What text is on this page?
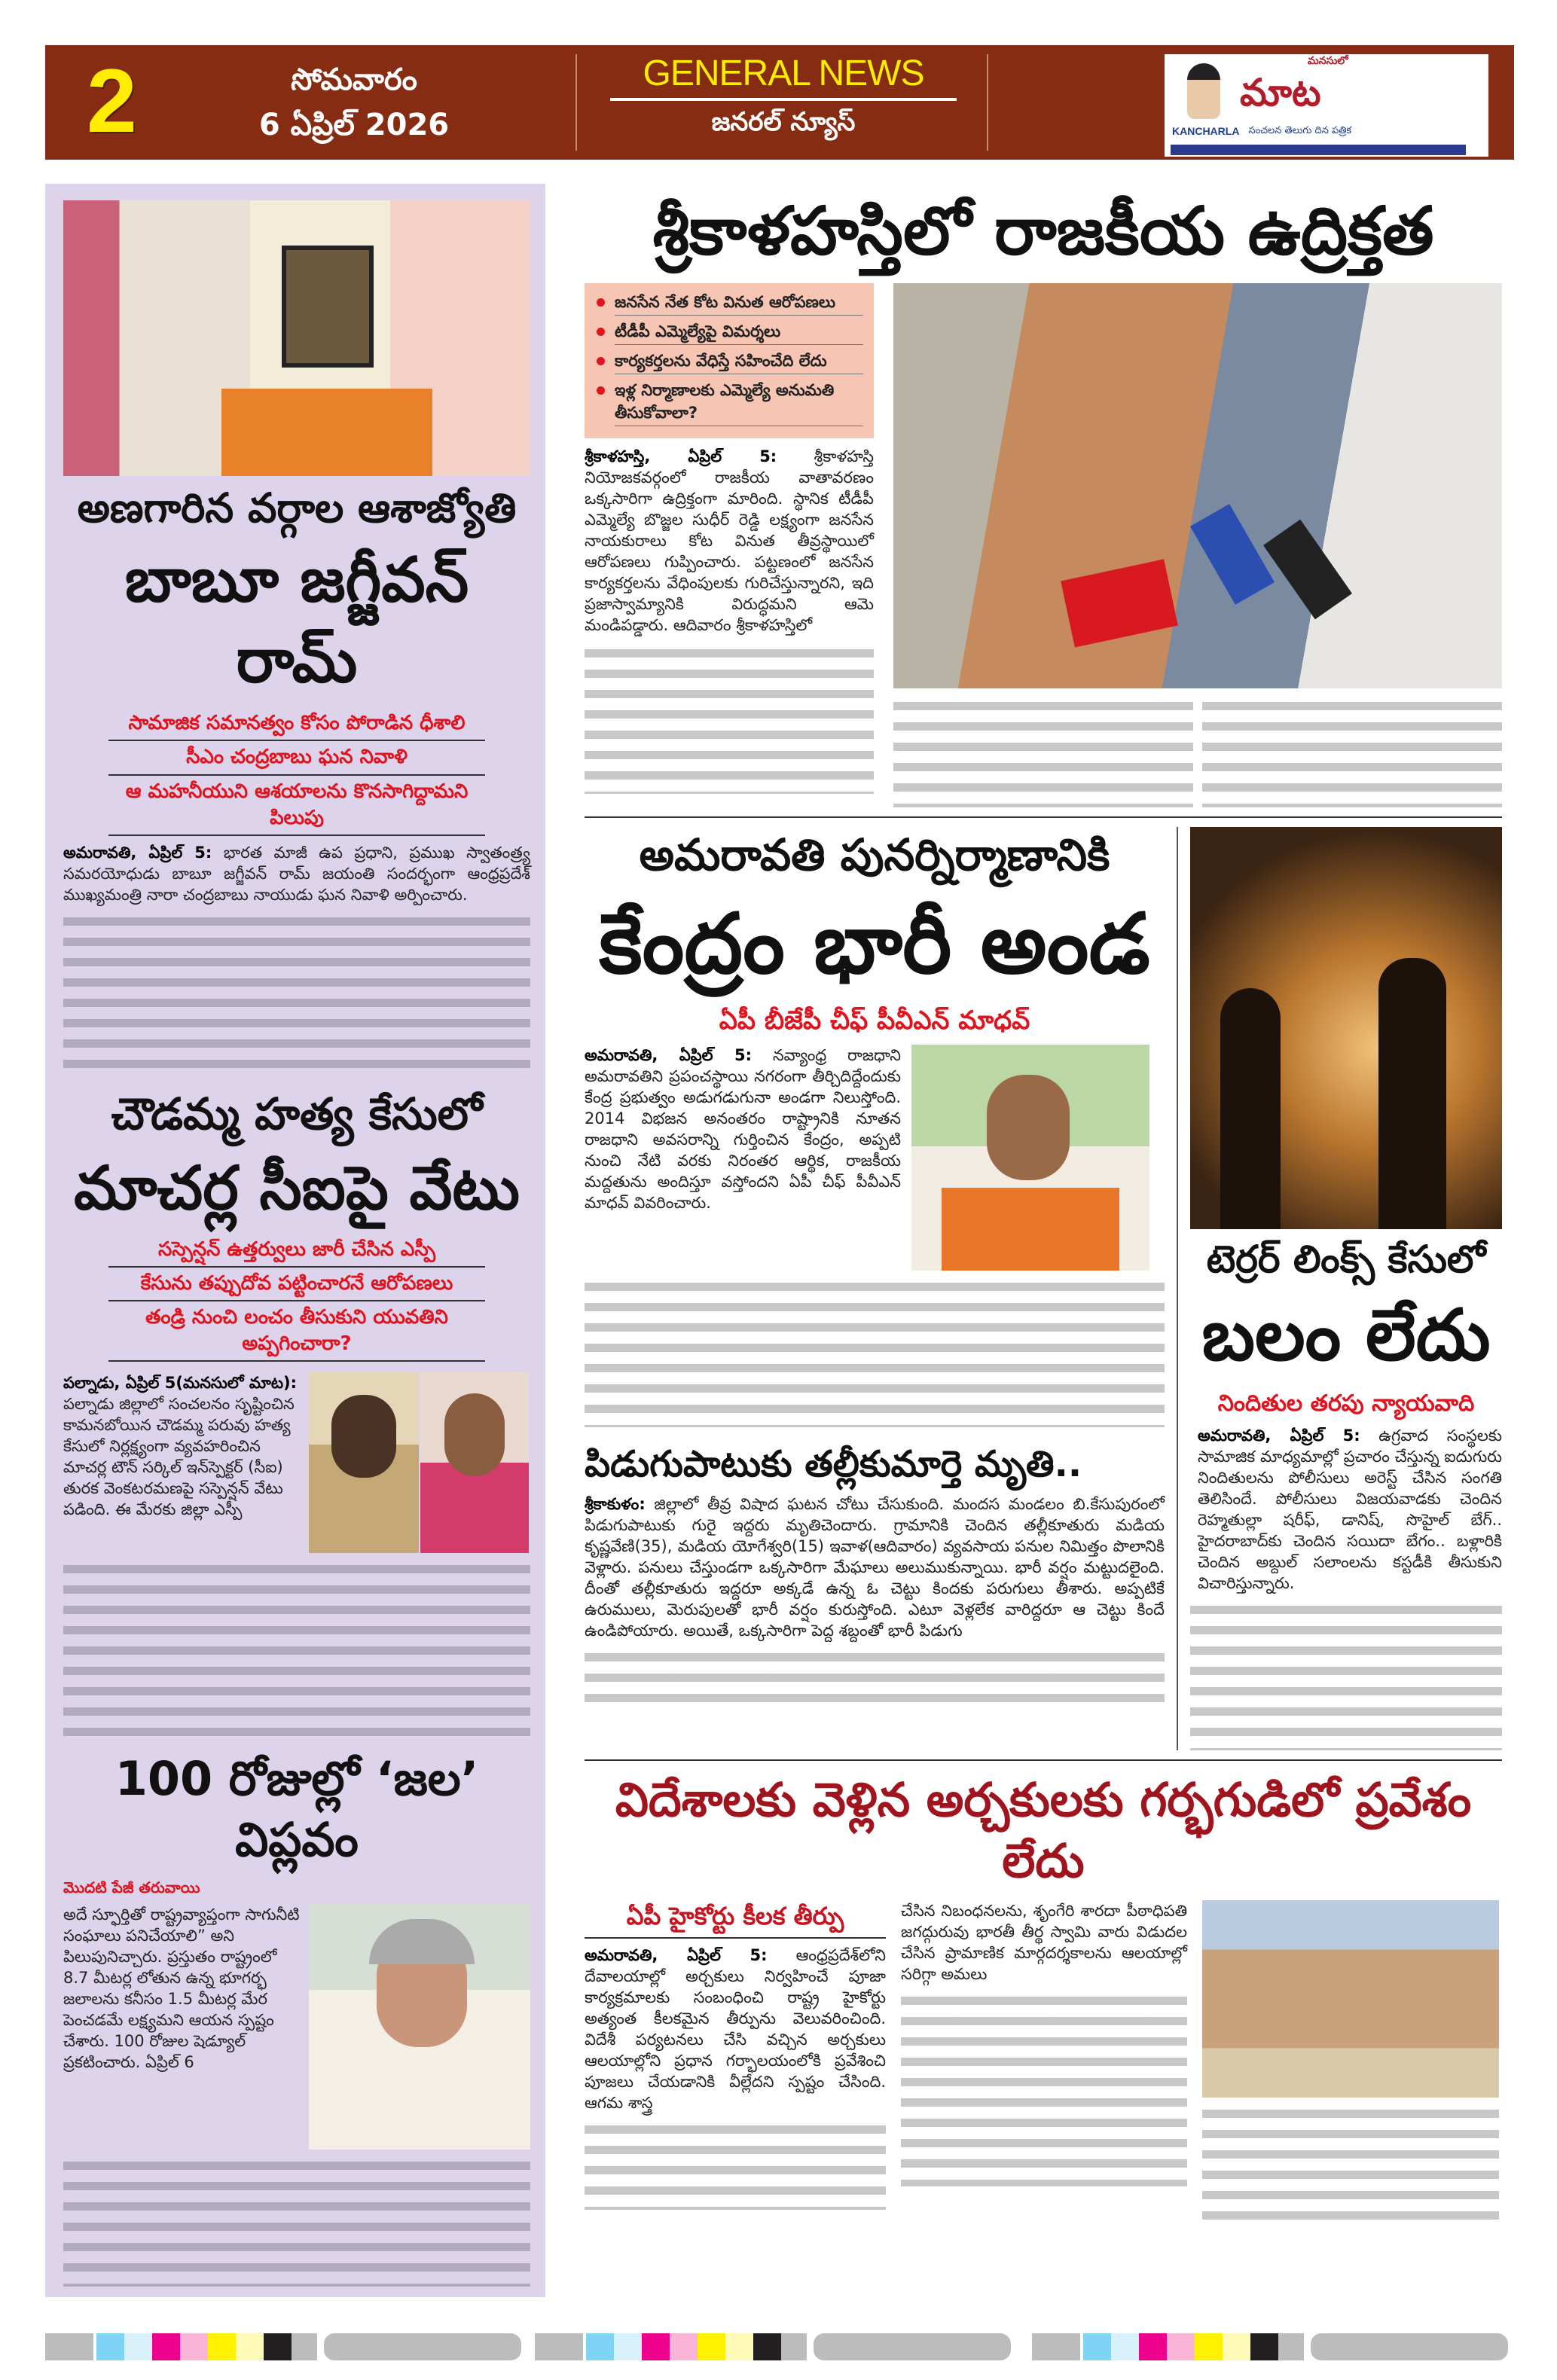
2	సోమవారం
6 ఏప్రిల్ 2026
GENERAL NEWS
జనరల్ న్యూస్
మనసులో
మాట
KANCHARLA సంచలన తెలుగు దిన పత్రిక
అణగారిన వర్గాల ఆశాజ్యోతి
బాబూ జగ్జీవన్ రామ్
సామాజిక సమానత్వం కోసం పోరాడిన ధీశాలి
సీఎం చంద్రబాబు ఘన నివాళి
ఆ మహనీయుని ఆశయాలను కొనసాగిద్దామని పిలుపు
అమరావతి, ఏప్రిల్ 5: భారత మాజీ ఉప ప్రధాని, ప్రముఖ స్వాతంత్ర్య సమరయోధుడు బాబూ జగ్జీవన్ రామ్ జయంతి సందర్భంగా ఆంధ్రప్రదేశ్ ముఖ్యమంత్రి నారా చంద్రబాబు నాయుడు ఘన నివాళి అర్పించారు.
చౌడమ్మ హత్య కేసులో
మాచర్ల సీఐపై వేటు
సస్పెన్షన్ ఉత్తర్వులు జారీ చేసిన ఎస్పీ
కేసును తప్పుదోవ పట్టించారనే ఆరోపణలు
తండ్రి నుంచి లంచం తీసుకుని యువతిని అప్పగించారా?
పల్నాడు, ఏప్రిల్ 5(మనసులో మాట): పల్నాడు జిల్లాలో సంచలనం సృష్టించిన కామనబోయిన చౌడమ్మ పరువు హత్య కేసులో నిర్లక్ష్యంగా వ్యవహరించిన మాచర్ల టౌన్ సర్కిల్ ఇన్‌స్పెక్టర్ (సీఐ) తురక వెంకటరమణపై సస్పెన్షన్ వేటు పడింది. ఈ మేరకు జిల్లా ఎస్పీ
100 రోజుల్లో ‘జల’ విప్లవం
మొదటి పేజీ తరువాయి
అదే స్ఫూర్తితో రాష్ట్రవ్యాప్తంగా సాగునీటి సంఘాలు పనిచేయాలి” అని పిలుపునిచ్చారు. ప్రస్తుతం రాష్ట్రంలో 8.7 మీటర్ల లోతున ఉన్న భూగర్భ జలాలను కనీసం 1.5 మీటర్ల మేర పెంచడమే లక్ష్యమని ఆయన స్పష్టం చేశారు. 100 రోజుల షెడ్యూల్ ప్రకటించారు. ఏప్రిల్ 6
శ్రీకాళహస్తిలో రాజకీయ ఉద్రిక్తత
జనసేన నేత కోట వినుత ఆరోపణలు
టీడీపీ ఎమ్మెల్యేపై విమర్శలు
కార్యకర్తలను వేధిస్తే సహించేది లేదు
ఇళ్ల నిర్మాణాలకు ఎమ్మెల్యే అనుమతి తీసుకోవాలా?
శ్రీకాళహస్తి, ఏప్రిల్ 5: శ్రీకాళహస్తి నియోజకవర్గంలో రాజకీయ వాతావరణం ఒక్కసారిగా ఉద్రిక్తంగా మారింది. స్థానిక టీడీపీ ఎమ్మెల్యే బొజ్జల సుధీర్ రెడ్డి లక్ష్యంగా జనసేన నాయకురాలు కోట వినుత తీవ్రస్థాయిలో ఆరోపణలు గుప్పించారు. పట్టణంలో జనసేన కార్యకర్తలను వేధింపులకు గురిచేస్తున్నారని, ఇది ప్రజాస్వామ్యానికి విరుద్ధమని ఆమె మండిపడ్డారు. ఆదివారం శ్రీకాళహస్తిలో
అమరావతి పునర్నిర్మాణానికి
కేంద్రం భారీ అండ
ఏపీ బీజేపీ చీఫ్ పీవీఎన్ మాధవ్
అమరావతి, ఏప్రిల్ 5: నవ్యాంధ్ర రాజధాని అమరావతిని ప్రపంచస్థాయి నగరంగా తీర్చిదిద్దేందుకు కేంద్ర ప్రభుత్వం అడుగడుగునా అండగా నిలుస్తోంది. 2014 విభజన అనంతరం రాష్ట్రానికి నూతన రాజధాని అవసరాన్ని గుర్తించిన కేంద్రం, అప్పటి నుంచి నేటి వరకు నిరంతర ఆర్థిక, రాజకీయ మద్దతును అందిస్తూ వస్తోందని ఏపీ చీఫ్ పీవీఎన్ మాధవ్ వివరించారు.
పిడుగుపాటుకు తల్లీకుమార్తె మృతి..
శ్రీకాకుళం: జిల్లాలో తీవ్ర విషాద ఘటన చోటు చేసుకుంది. మందస మండలం బి.కేసుపురంలో పిడుగుపాటుకు గురై ఇద్దరు మృతిచెందారు. గ్రామానికి చెందిన తల్లీకూతురు మడియ కృష్ణవేణి(35), మడియ యోగేశ్వరి(15) ఇవాళ(ఆదివారం) వ్యవసాయ పనుల నిమిత్తం పొలానికి వెళ్లారు. పనులు చేస్తుండగా ఒక్కసారిగా మేఘాలు అలుముకున్నాయి. భారీ వర్షం మట్టుదలైంది. దీంతో తల్లీకూతురు ఇద్దరూ అక్కడే ఉన్న ఓ చెట్టు కిందకు పరుగులు తీశారు. అప్పటికే ఉరుములు, మెరుపులతో భారీ వర్షం కురుస్తోంది. ఎటూ వెళ్లలేక వారిద్దరూ ఆ చెట్టు కిందే ఉండిపోయారు. అయితే, ఒక్కసారిగా పెద్ద శబ్దంతో భారీ పిడుగు
టెర్రర్ లింక్స్ కేసులో
బలం లేదు
నిందితుల తరపు న్యాయవాది
అమరావతి, ఏప్రిల్ 5: ఉగ్రవాద సంస్థలకు సామాజిక మాధ్యమాల్లో ప్రచారం చేస్తున్న ఐదుగురు నిందితులను పోలీసులు అరెస్ట్ చేసిన సంగతి తెలిసిందే. పోలీసులు విజయవాడకు చెందిన రెహ్మతుల్లా షరీఫ్, డానిష్, సొహైల్ బేగ్.. హైదరాబాద్‌కు చెందిన సయిదా బేగం.. బళ్లారికి చెందిన అబ్దుల్ సలాంలను కస్టడీకి తీసుకుని విచారిస్తున్నారు.
విదేశాలకు వెళ్లిన అర్చకులకు గర్భగుడిలో ప్రవేశం లేదు
ఏపీ హైకోర్టు కీలక తీర్పు
అమరావతి, ఏప్రిల్ 5: ఆంధ్రప్రదేశ్‌లోని దేవాలయాల్లో అర్చకులు నిర్వహించే పూజా కార్యక్రమాలకు సంబంధించి రాష్ట్ర హైకోర్టు అత్యంత కీలకమైన తీర్పును వెలువరించింది. విదేశీ పర్యటనలు చేసి వచ్చిన అర్చకులు ఆలయాల్లోని ప్రధాన గర్భాలయంలోకి ప్రవేశించి పూజలు చేయడానికి వీల్లేదని స్పష్టం చేసింది. ఆగమ శాస్త్ర
చేసిన నిబంధనలను, శృంగేరి శారదా పీఠాధిపతి జగద్గురువు భారతీ తీర్థ స్వామి వారు విడుదల చేసిన ప్రామాణిక మార్గదర్శకాలను ఆలయాల్లో సరిగ్గా అమలు
